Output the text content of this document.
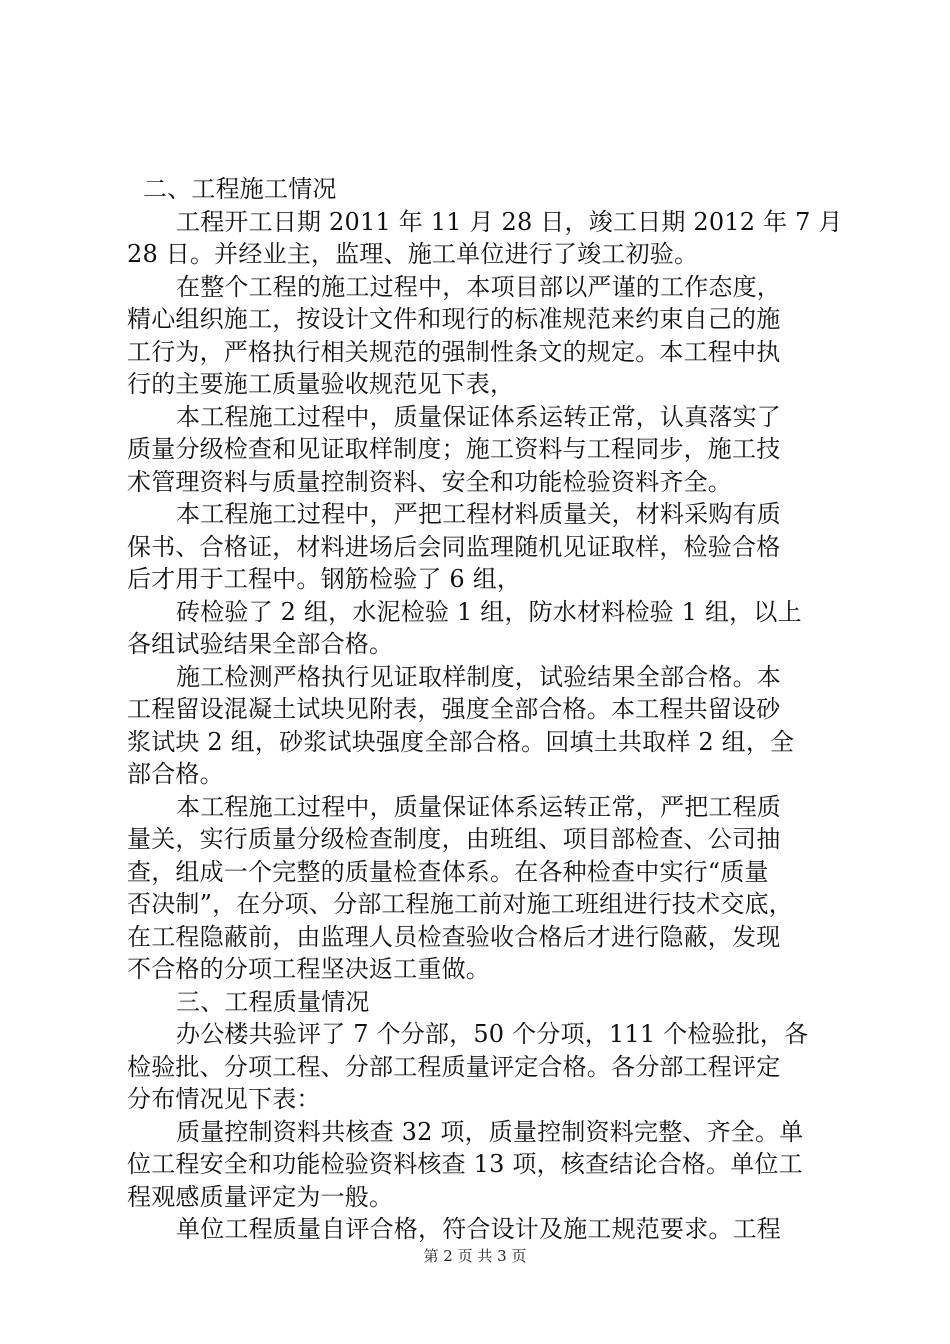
二、工程施工情况
工程开工日期 2011 年 11 月 28 日，竣工日期 2012 年 7 月
28 日。并经业主，监理、施工单位进行了竣工初验。
在整个工程的施工过程中，本项目部以严谨的工作态度，
精心组织施工，按设计文件和现行的标准规范来约束自己的施
工行为，严格执行相关规范的强制性条文的规定。本工程中执
行的主要施工质量验收规范见下表，
本工程施工过程中，质量保证体系运转正常，认真落实了
质量分级检查和见证取样制度；施工资料与工程同步，施工技
术管理资料与质量控制资料、安全和功能检验资料齐全。
本工程施工过程中，严把工程材料质量关，材料采购有质
保书、合格证，材料进场后会同监理随机见证取样，检验合格
后才用于工程中。钢筋检验了 6 组，
砖检验了 2 组，水泥检验 1 组，防水材料检验 1 组，以上
各组试验结果全部合格。
施工检测严格执行见证取样制度，试验结果全部合格。本
工程留设混凝土试块见附表，强度全部合格。本工程共留设砂
浆试块 2 组，砂浆试块强度全部合格。回填土共取样 2 组，全
部合格。
本工程施工过程中，质量保证体系运转正常，严把工程质
量关，实行质量分级检查制度，由班组、项目部检查、公司抽
查，组成一个完整的质量检查体系。在各种检查中实行“质量
否决制”，在分项、分部工程施工前对施工班组进行技术交底，
在工程隐蔽前，由监理人员检查验收合格后才进行隐蔽，发现
不合格的分项工程坚决返工重做。
三、工程质量情况
办公楼共验评了 7 个分部，50 个分项，111 个检验批，各
检验批、分项工程、分部工程质量评定合格。各分部工程评定
分布情况见下表：
质量控制资料共核查 32 项，质量控制资料完整、齐全。单
位工程安全和功能检验资料核查 13 项，核查结论合格。单位工
程观感质量评定为一般。
单位工程质量自评合格，符合设计及施工规范要求。工程
第 2 页 共 3 页
